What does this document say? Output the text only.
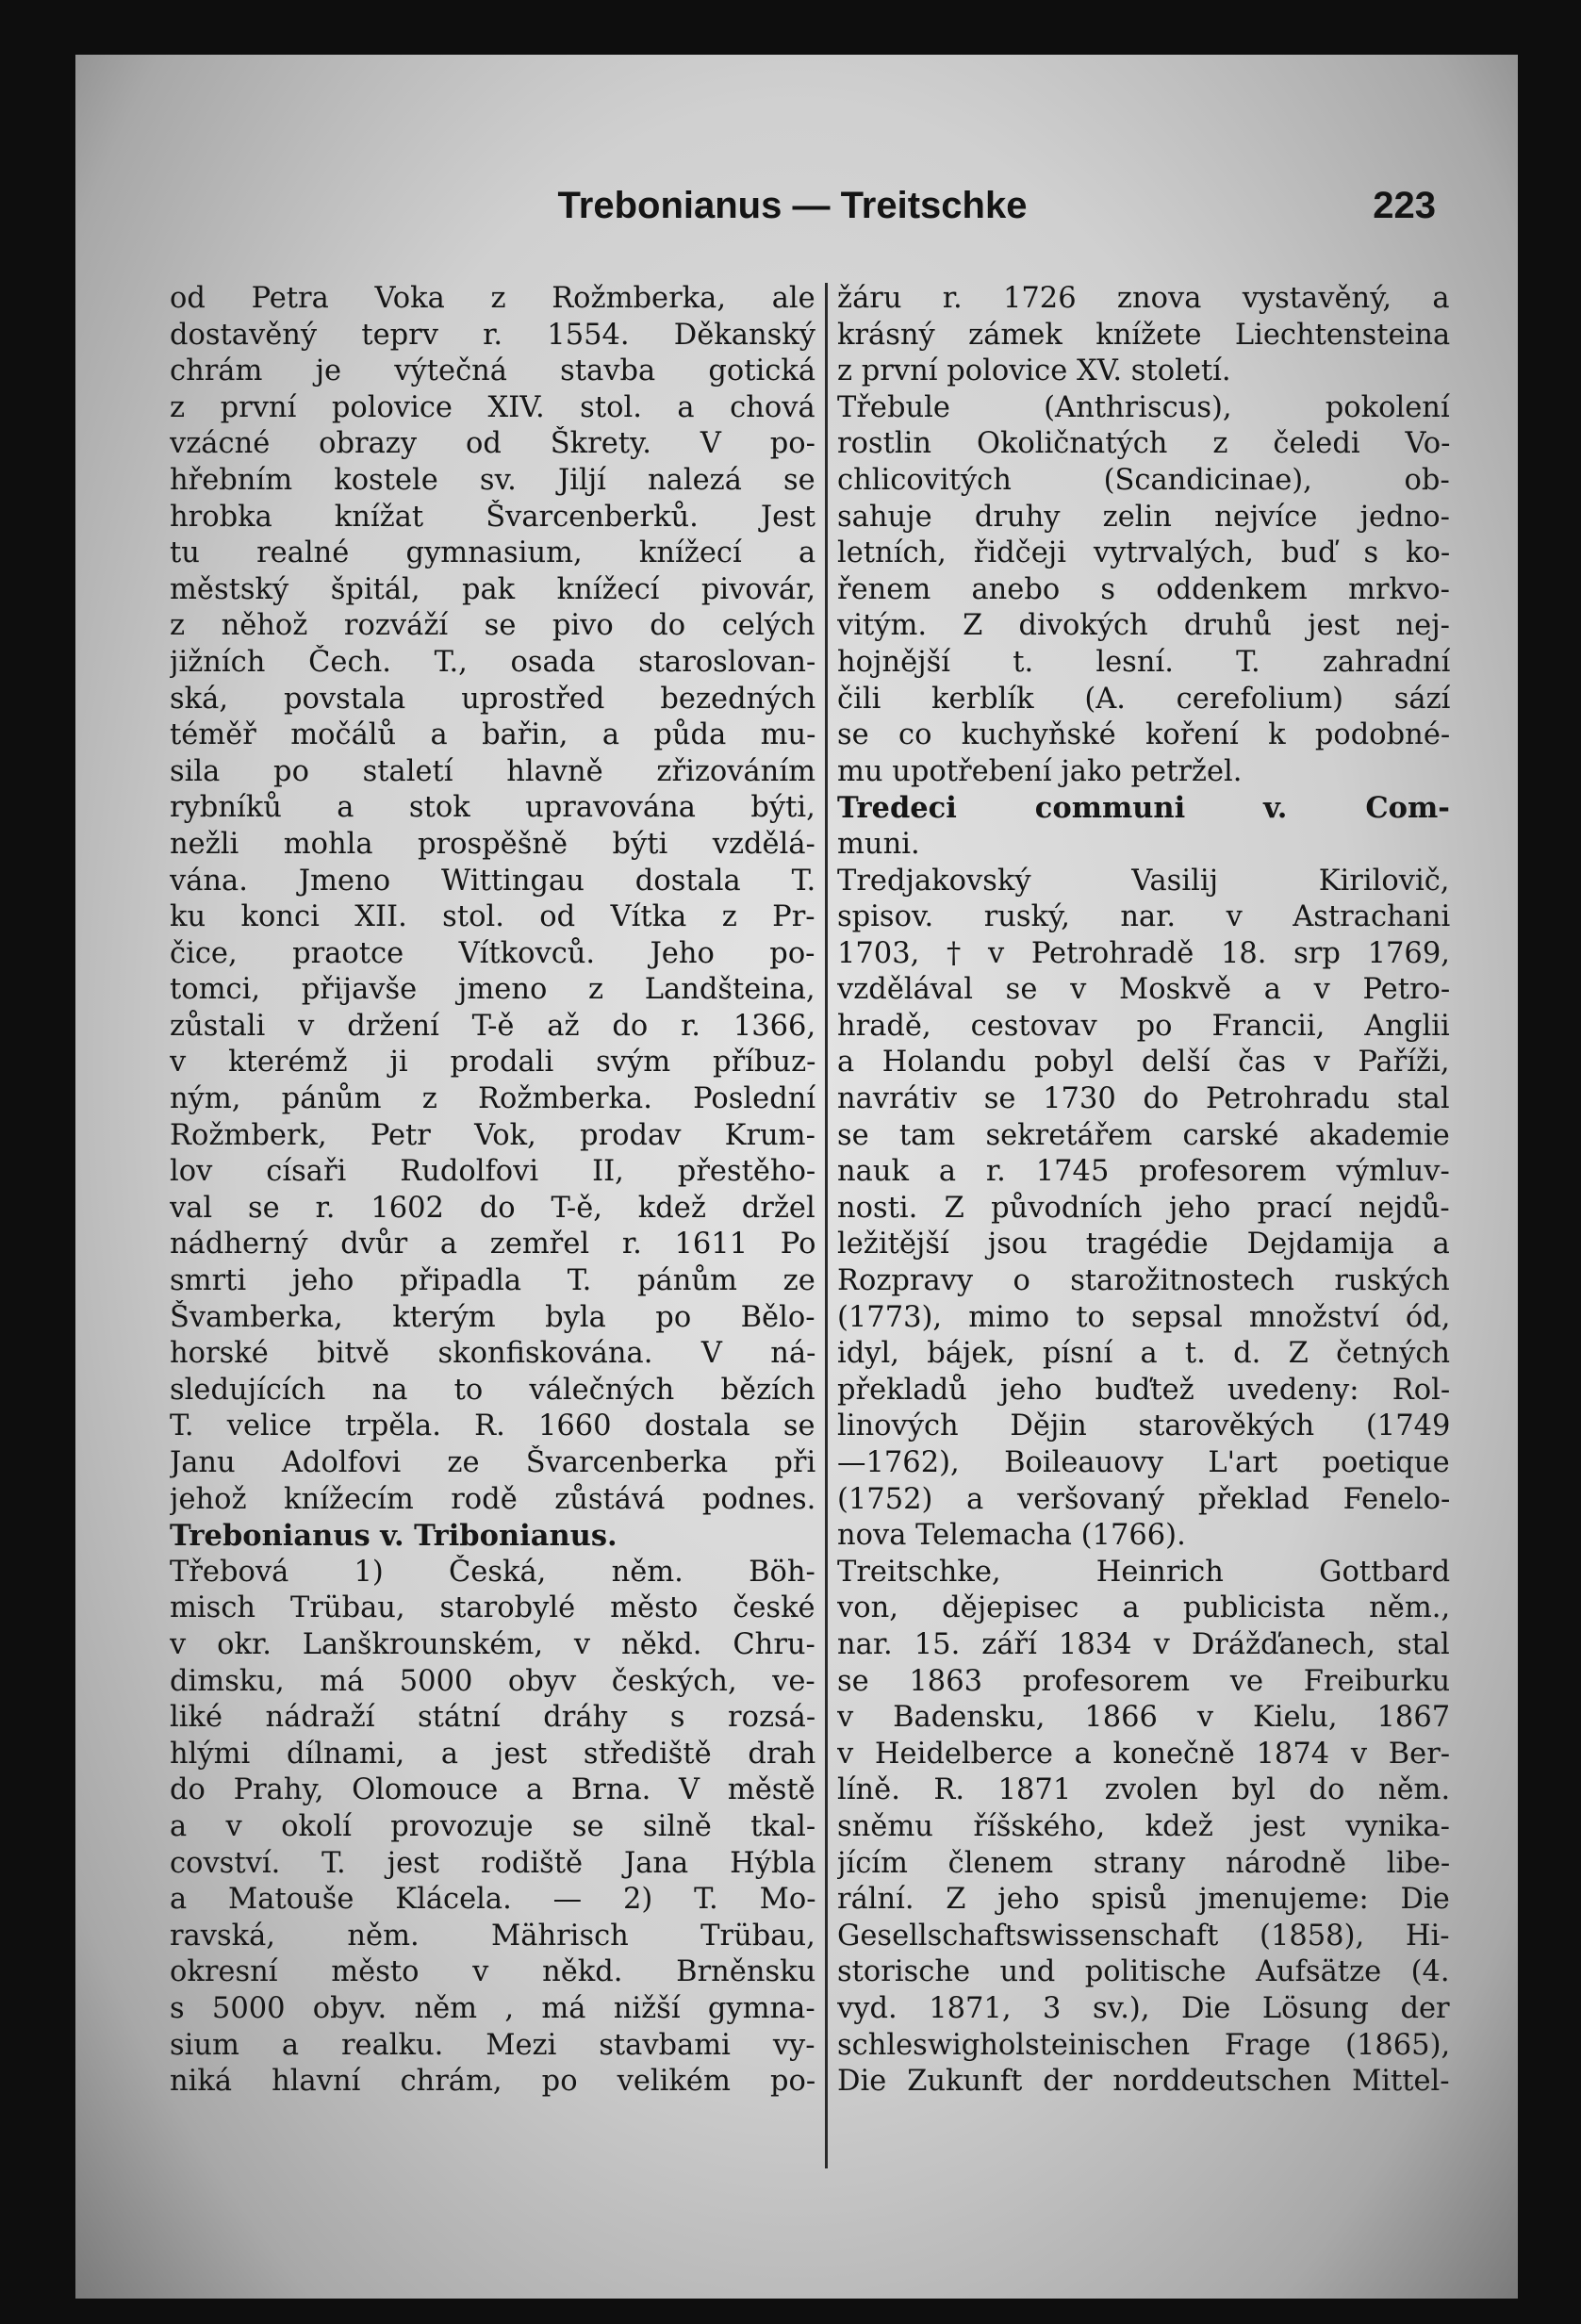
Trebonianus — Treitschke	223
od Petra Voka z Rožmberka, ale
dostavěný teprv r. 1554. Děkanský
chrám je výtečná stavba gotická
z první polovice XIV. stol. a chová
vzácné obrazy od Škrety. V po-
hřebním kostele sv. Jiljí nalezá se
hrobka knížat Švarcenberků. Jest
tu realné gymnasium, knížecí a
městský špitál, pak knížecí pivovár,
z něhož rozváží se pivo do celých
jižních Čech. T., osada staroslovan-
ská, povstala uprostřed bezedných
téměř močálů a bařin, a půda mu-
sila po staletí hlavně zřizováním
rybníků a stok upravována býti,
nežli mohla prospěšně býti vzdělá-
vána. Jmeno Wittingau dostala T.
ku konci XII. stol. od Vítka z Pr-
čice, praotce Vítkovců. Jeho po-
tomci, přijavše jmeno z Landšteina,
zůstali v držení T-ě až do r. 1366,
v kterémž ji prodali svým příbuz-
ným, pánům z Rožmberka. Poslední
Rožmberk, Petr Vok, prodav Krum-
lov císaři Rudolfovi II, přestěho-
val se r. 1602 do T-ě, kdež držel
nádherný dvůr a zemřel r. 1611 Po
smrti jeho připadla T. pánům ze
Švamberka, kterým byla po Bělo-
horské bitvě skonfiskována. V ná-
sledujících na to válečných bězích
T. velice trpěla. R. 1660 dostala se
Janu Adolfovi ze Švarcenberka při
jehož knížecím rodě zůstává podnes.
Trebonianus v. Tribonianus.
Třebová 1) Česká, něm. Böh-
misch Trübau, starobylé město české
v okr. Lanškrounském, v někd. Chru-
dimsku, má 5000 obyv českých, ve-
liké nádraží státní dráhy s rozsá-
hlými dílnami, a jest střediště drah
do Prahy, Olomouce a Brna. V městě
a v okolí provozuje se silně tkal-
covství. T. jest rodiště Jana Hýbla
a Matouše Klácela. — 2) T. Mo-
ravská, něm. Mährisch Trübau,
okresní město v někd. Brněnsku
s 5000 obyv. něm , má nižší gymna-
sium a realku. Mezi stavbami vy-
niká hlavní chrám, po velikém po-
žáru r. 1726 znova vystavěný, a
krásný zámek knížete Liechtensteina
z první polovice XV. století.
Třebule (Anthriscus), pokolení
rostlin Okoličnatých z čeledi Vo-
chlicovitých (Scandicinae), ob-
sahuje druhy zelin nejvíce jedno-
letních, řidčeji vytrvalých, buď s ko-
řenem anebo s oddenkem mrkvo-
vitým. Z divokých druhů jest nej-
hojnější t. lesní. T. zahradní
čili kerblík (A. cerefolium) sází
se co kuchyňské koření k podobné-
mu upotřebení jako petržel.
Tredeci communi v. Com-
muni.
Tredjakovský Vasilij Kirilovič,
spisov. ruský, nar. v Astrachani
1703, † v Petrohradě 18. srp 1769,
vzdělával se v Moskvě a v Petro-
hradě, cestovav po Francii, Anglii
a Holandu pobyl delší čas v Paříži,
navrátiv se 1730 do Petrohradu stal
se tam sekretářem carské akademie
nauk a r. 1745 profesorem výmluv-
nosti. Z původních jeho prací nejdů-
ležitější jsou tragédie Dejdamija a
Rozpravy o starožitnostech ruských
(1773), mimo to sepsal množství ód,
idyl, bájek, písní a t. d. Z četných
překladů jeho buďtež uvedeny: Rol-
linových Dějin starověkých (1749
—1762), Boileauovy L'art poetique
(1752) a veršovaný překlad Fenelo-
nova Telemacha (1766).
Treitschke, Heinrich Gottbard
von, dějepisec a publicista něm.,
nar. 15. září 1834 v Drážďanech, stal
se 1863 profesorem ve Freiburku
v Badensku, 1866 v Kielu, 1867
v Heidelberce a konečně 1874 v Ber-
líně. R. 1871 zvolen byl do něm.
sněmu říšského, kdež jest vynika-
jícím členem strany národně libe-
rální. Z jeho spisů jmenujeme: Die
Gesellschaftswissenschaft (1858), Hi-
storische und politische Aufsätze (4.
vyd. 1871, 3 sv.), Die Lösung der
schleswigholsteinischen Frage (1865),
Die Zukunft der norddeutschen Mittel-
